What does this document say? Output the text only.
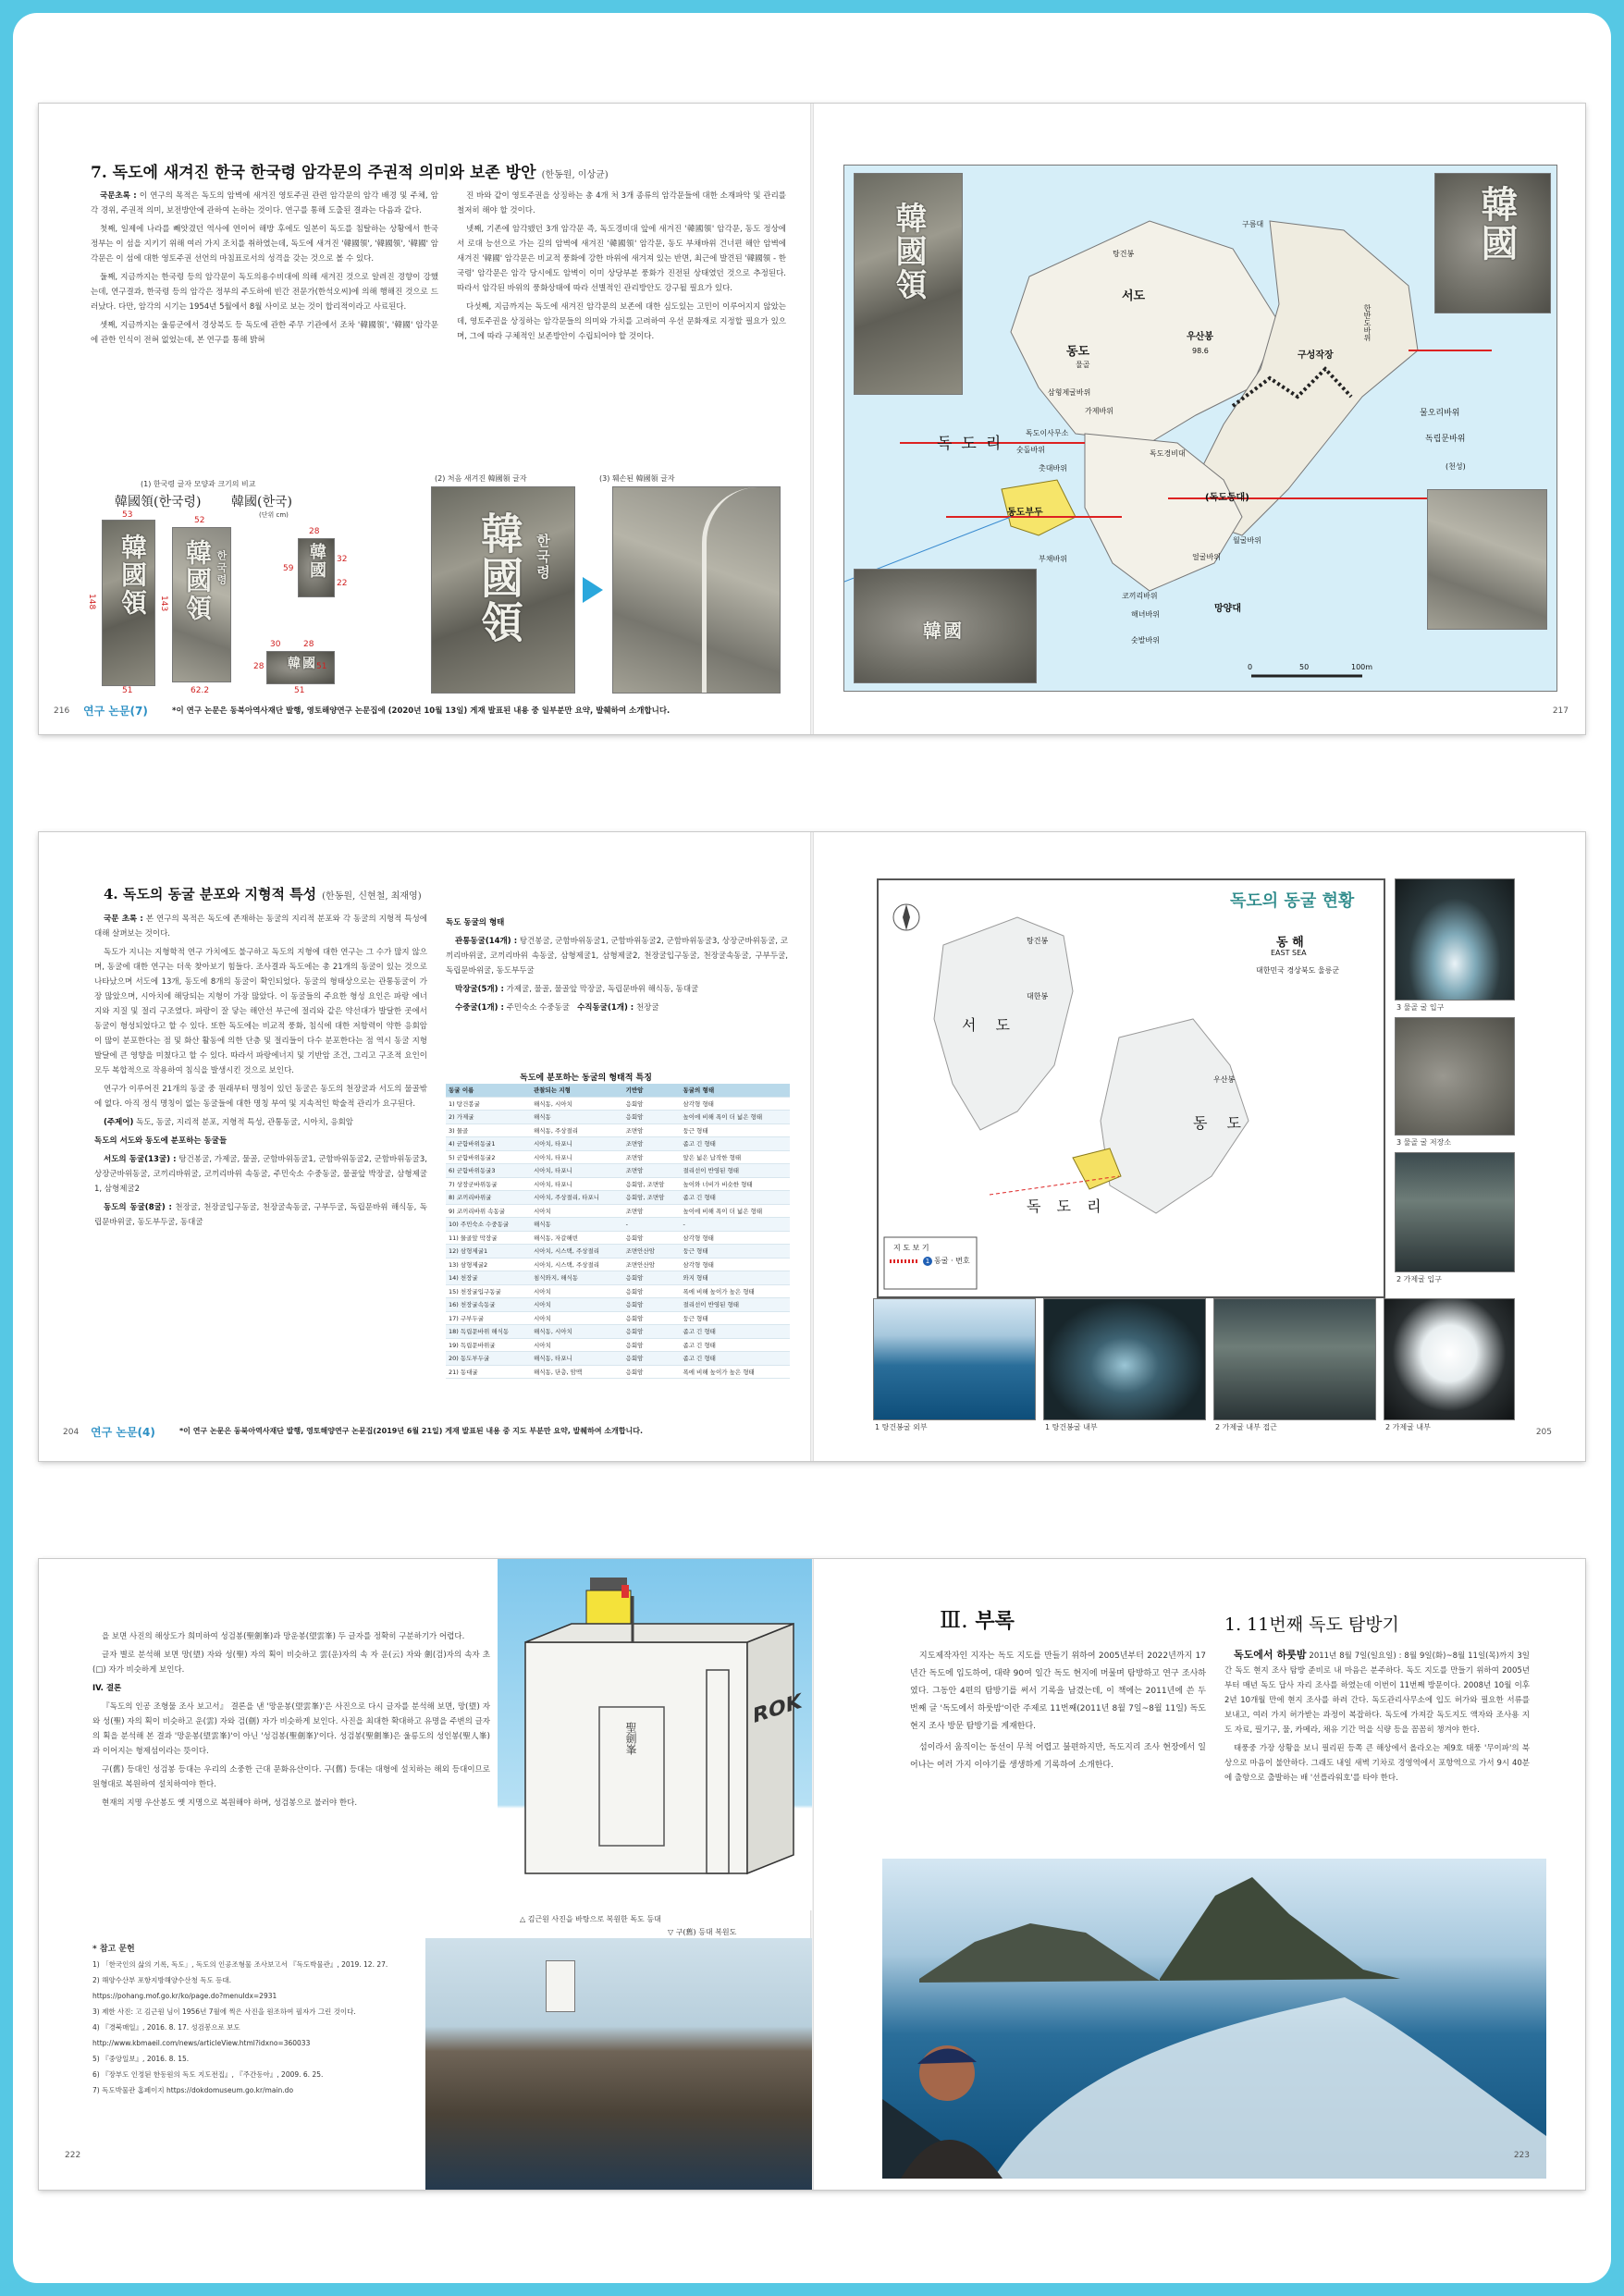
7. 독도에 새겨진 한국 한국령 암각문의 주권적 의미와 보존 방안 (한동원, 이상균)

국문초록 : 이 연구의 목적은 독도의 암벽에 새겨진 영토주권 관련 암각문의 암각 배경 및 주체, 암각 경위, 주권적 의미, 보전방안에 관하여 논하는 것이다. 연구를 통해 도출된 결과는 다음과 같다.

첫째, 일제에 나라를 빼앗겼던 역사에 연이어 해방 후에도 일본이 독도를 침탈하는 상황에서 한국 정부는 이 섬을 지키기 위해 여러 가지 조치를 취하였는데, 독도에 새겨진 '韓國領', '韓國領', '韓國' 암각문은 이 섬에 대한 영토주권 선언의 마침표로서의 성격을 갖는 것으로 볼 수 있다.

둘째, 지금까지는 한국령 등의 암각문이 독도의용수비대에 의해 새겨진 것으로 알려진 경향이 강했는데, 연구결과, 한국령 등의 암각은 정부의 주도하에 빈간 전문가(한석오씨)에 의해 행해진 것으로 드러났다. 다만, 암각의 시기는 1954년 5월에서 8월 사이로 보는 것이 합리적이라고 사료된다.

셋째, 지금까지는 울릉군에서 경상북도 등 독도에 관한 주무 기관에서 조차 '韓國領', '韓國' 암각문에 관한 인식이 전혀 없었는데, 본 연구를 통해 밝혀

진 바와 같이 영토주권을 상징하는 총 4개 처 3개 종류의 암각문들에 대한 소재파악 및 관리를 철저히 해야 할 것이다.

넷째, 기존에 암각됐던 3개 암각문 즉, 독도경비대 앞에 새겨진 '韓國領' 암각문, 동도 정상에서 로대 능선으로 가는 길의 암벽에 새겨진 '韓國領' 암각문, 동도 부채바위 건너편 해안 암벽에 새겨진 '韓國' 암각문은 비교적 풍화에 강한 바위에 새겨져 있는 반면, 최근에 발견된 '韓國領 - 한국령' 암각문은 암각 당시에도 암벽이 이미 상당부분 풍화가 진전된 상태였던 것으로 추정된다. 따라서 암각된 바위의 풍화상태에 따라 선별적인 관리방안도 강구될 필요가 있다.

다섯째, 지금까지는 독도에 새겨진 암각문의 보존에 대한 심도있는 고민이 이루어지지 않았는데, 영토주권을 상징하는 암각문들의 의미와 가치를 고려하여 우선 문화재로 지정할 필요가 있으며, 그에 따라 구체적인 보존방안이 수립되어야 할 것이다.

(1) 한국령 글자 모양과 크기의 비교
韓國領(한국령) 韓國(한국)
(단위 cm)
韓國領 韓國領 한국령	韓國
韓國
53
148
51
52
143
62.2
28
59
32
22
30	28
51
28
51
(2) 처음 새겨진 韓國領 글자	(3) 훼손된 韓國領 글자
韓國領 한국령
216 연구 논문(7)	*이 연구 논문은 동북아역사재단 발행, 영토해양연구 논문집에 (2020년 10월 13일) 게재 발표된 내용 중 일부분만 요약, 발췌하여 소개합니다.
韓國領	韓國
韓國
구름대
우산봉
98.6
탕건봉
물골
서도
동도
독도리
촛대바위
삼형제굴바위
구성작장
물오리바위
독립문바위
(천성)
동도부두
독도경비대
(독도등대)
가제바위
월굴바위
부채바위	얼굴바위
망양대
한반도바위
숫돌바위
해녀바위
숫발바위
독도이사무소
코끼리바위
0	50	100m
217
4. 독도의 동굴 분포와 지형적 특성 (한동원, 신현철, 최재영)

국문 초록 : 본 연구의 목적은 독도에 존재하는 동굴의 지리적 분포와 각 동굴의 지형적 특성에 대해 살펴보는 것이다.

독도가 지니는 지형학적 연구 가치에도 불구하고 독도의 지형에 대한 연구는 그 수가 많지 않으며, 동굴에 대한 연구는 더욱 찾아보기 힘들다. 조사결과 독도에는 총 21개의 동굴이 있는 것으로 나타났으며 서도에 13개, 동도에 8개의 동굴이 확인되었다. 동굴의 형태상으로는 관통동굴이 가장 많았으며, 시아치에 해당되는 지형이 가장 많았다. 이 동굴들의 주요한 형성 요인은 파랑 에너지와 지질 및 절리 구조였다. 파랑이 잘 닿는 해안선 부근에 절리와 같은 약선대가 발달한 곳에서 동굴이 형성되었다고 할 수 있다. 또한 독도에는 비교적 풍화, 침식에 대한 저항력이 약한 응회암이 많이 분포한다는 점 및 화산 활동에 의한 단층 및 절리들이 다수 분포한다는 점 역시 동굴 지형 발달에 큰 영향을 미쳤다고 할 수 있다. 따라서 파랑에너지 및 기반암 조건, 그리고 구조적 요인이 모두 복합적으로 작용하여 침식을 발생시킨 것으로 보인다.

연구가 이루어진 21개의 동굴 중 원래부터 명칭이 있던 동굴은 동도의 천장굴과 서도의 물골밖에 없다. 아직 정식 명칭이 없는 동굴들에 대한 명칭 부여 및 지속적인 학술적 관리가 요구된다.

(주제어) 독도, 동굴, 지리적 분포, 지형적 특성, 관통동굴, 시아치, 응회암

독도의 서도와 동도에 분포하는 동굴들

서도의 동굴(13굴) : 탕건봉굴, 가제굴, 물골, 군함바위동굴1, 군함바위동굴2, 군함바위동굴3, 상장군바위동굴, 코끼리바위굴, 코끼리바위 속동굴, 주민숙소 수중동굴, 물골앞 박장굴, 삼형제굴1, 삼형제굴2

동도의 동굴(8굴) : 천장굴, 천장굴입구동굴, 천장굴속동굴, 구부두굴, 독립문바위 해식동, 독립문바위굴, 동도부두굴, 동대굴

독도 동굴의 형태

관통동굴(14개) : 탕건봉굴, 군함바위동굴1, 군함바위동굴2, 군함바위동굴3, 상장군바위동굴, 코끼리바위굴, 코끼리바위 속동굴, 삼형제굴1, 삼형제굴2, 천장굴입구동굴, 천장굴속동굴, 구부두굴, 독립문바위굴, 동도부두굴

막장굴(5개) : 가제굴, 물골, 물골앞 막장굴, 독립문바위 해식동, 동대굴

수중굴(1개) : 주민숙소 수중동굴 수직동굴(1개) : 천장굴

독도에 분포하는 동굴의 형태적 특징
동굴 이름	관찰되는 지형	기반암	동굴의 형태
1) 탕건봉굴	해식동, 시아치	응회암	삼각형 형태
2) 가제굴	해식동	응회암	높이에 비해 폭이 더 넓은 형태
3) 물골	해식동, 주상절리	조면암	둥근 형태
4) 군함바위동굴1	시아치, 타포니	조면암	좁고 긴 형태
5) 군함바위동굴2	시아치, 타포니	조면암	앞은 넓은 납작한 형태
6) 군함바위동굴3	시아치, 타포니	조면암	절리선이 반영된 형태
7) 상장군바위동굴	시아치, 타포니	응회암, 조면암	높이와 너비가 비슷한 형태
8) 코끼리바위굴	시아치, 주상절리, 타포니	응회암, 조면암	좁고 긴 형태
9) 코끼리바위 속동굴	시아치	조면암	높이에 비해 폭이 더 넓은 형태
10) 주민숙소 수중동굴	해식동	-	-
11) 물골앞 막장굴	해식동, 자갈해빈	응회암	삼각형 형태
12) 삼형제굴1	시아치, 시스택, 주상절리	조면안산암	둥근 형태
13) 삼형제굴2	시아치, 시스택, 주상절리	조면안산암	삼각형 형태
14) 천장굴	침식와지, 해식동	응회암	와지 형태
15) 천장굴입구동굴	시아치	응회암	폭에 비해 높이가 높은 형태
16) 천장굴속동굴	시아치	응회암	절리선이 반영된 형태
17) 구부두굴	시아치	응회암	둥근 형태
18) 독립문바위 해식동	해식동, 시아치	응회암	좁고 긴 형태
19) 독립문바위굴	시아치	응회암	좁고 긴 형태
20) 동도부두굴	해식동, 타포니	응회암	좁고 긴 형태
21) 동대굴	해식동, 단층, 암맥	응회암	폭에 비해 높이가 높은 형태
204 연구 논문(4)	*이 연구 논문은 동북아역사재단 발행, 영토해양연구 논문집(2019년 6월 21일) 게재 발표된 내용 중 지도 부분만 요약, 발췌하여 소개합니다.
독도의 동굴 현황
동 해
EAST SEA
대한민국 경상북도 울릉군
서 도
동 도
독 도 리
우산봉
탕건봉
대한봉
지 도 보 기
1 동굴 · 번호
3 물골 굴 입구
3 물골 굴 저장소
2 가제굴 입구
1 탕건봉굴 외부	1 탕건봉굴 내부	2 가제굴 내부 접근	2 가제굴 내부
205

을 보면 사진의 해상도가 희미하여 성검봉(聖劍峯)과 망운봉(望雲峯) 두 글자를 정확히 구분하기가 어렵다.

글자 별로 분석해 보면 망(望) 자와 성(聖) 자의 획이 비슷하고 雲(운)자의 속 자 운(云) 자와 劍(검)자의 속자 초(□) 자가 비슷하게 보인다.

IV. 결론

『독도의 인공 조형물 조사 보고서』 결론을 낸 '망운봉(望雲峯)'은 사진으로 다시 글자를 분석해 보면, 망(望) 자와 성(聖) 자의 획이 비슷하고 운(雲) 자와 검(劍) 자가 비슷하게 보인다. 사진을 최대한 확대하고 유명을 주변의 글자의 획을 분석해 본 결과 '망운봉(望雲峯)'이 아닌 '성검봉(聖劍峯)'이다. 성검봉(聖劍峯)은 울릉도의 성인봉(聖人峯)과 이어지는 형제섬이라는 뜻이다.

구(舊) 등대인 성검봉 등대는 우리의 소중한 근대 문화유산이다. 구(舊) 등대는 대형에 설치하는 해외 등대이므로 원형대로 복원하여 설치하여야 한다.

현재의 지명 우산봉도 옛 지명으로 복원해야 하며, 성검봉으로 불러야 한다.

* 참고 문헌
1) 「한국인의 삶의 기록, 독도」, 독도의 인공조형물 조사보고서 『독도박물관』, 2019. 12. 27.
2) 해양수산부 포항지방해양수산청 독도 등대.
https://pohang.mof.go.kr/ko/page.do?menuIdx=2931
3) 제한 사진: 고 김근원 님이 1956년 7월에 찍은 사진을 원조하여 필자가 그린 것이다.
4) 『경북매일』, 2016. 8. 17. 성검봉으로 보도
http://www.kbmaeil.com/news/articleView.html?idxno=360033
5) 『중앙일보』, 2016. 8. 15.
6) 『장부도 인정된 한동원의 독도 지도전집』, 『주간동아』, 2009. 6. 25.
7) 독도박물관 홈페이지 https://dokdomuseum.go.kr/main.do
ROK
聖劍峯
△ 김근원 사진을 바탕으로 복원한 독도 등대
▽ 구(舊) 등대 복원도
222
Ⅲ. 부록	1. 11번째 독도 탐방기

지도제작자인 지자는 독도 지도를 만들기 위하여 2005년부터 2022년까지 17년간 독도에 입도하여, 대략 90여 일간 독도 현지에 머물며 탐방하고 연구 조사하였다. 그동안 4편의 탐방기를 써서 기록을 남겼는데, 이 책에는 2011년에 쓴 두 번째 글 '독도에서 하룻밤'이란 주제로 11번째(2011년 8월 7일~8월 11일) 독도 현지 조사 방문 탐방기를 게재한다.

섬이라서 움직이는 동선이 무척 어렵고 불편하지만, 독도지리 조사 현장에서 일어나는 여러 가지 이야기를 생생하게 기록하여 소개한다.

독도에서 하룻밤 2011년 8월 7일(일요일) : 8월 9일(화)~8월 11일(목)까지 3일간 독도 현지 조사 탐방 준비로 내 마음은 분주하다. 독도 지도를 만들기 위하여 2005년부터 매년 독도 답사 자리 조사를 하였는데 이번이 11번째 방문이다. 2008년 10월 이후 2년 10개월 만에 현지 조사를 하려 간다. 독도관리사무소에 입도 허가와 필요한 서류를 보내고, 여러 가지 허가받는 과정이 복잡하다. 독도에 가져갈 독도지도 액자와 조사용 지도 자료, 필기구, 물, 카메라, 채유 기간 먹을 식량 등을 꼼꼼히 챙겨야 한다.

태풍중 가장 상황을 보니 필리핀 등쪽 큰 해상에서 올라오는 제9호 태풍 '무이파'의 북상으로 마음이 불안하다. 그래도 내일 새벽 기차로 경영역에서 포항역으로 가서 9시 40분에 출항으로 출발하는 배 '선플라워호'를 타야 한다.

223
